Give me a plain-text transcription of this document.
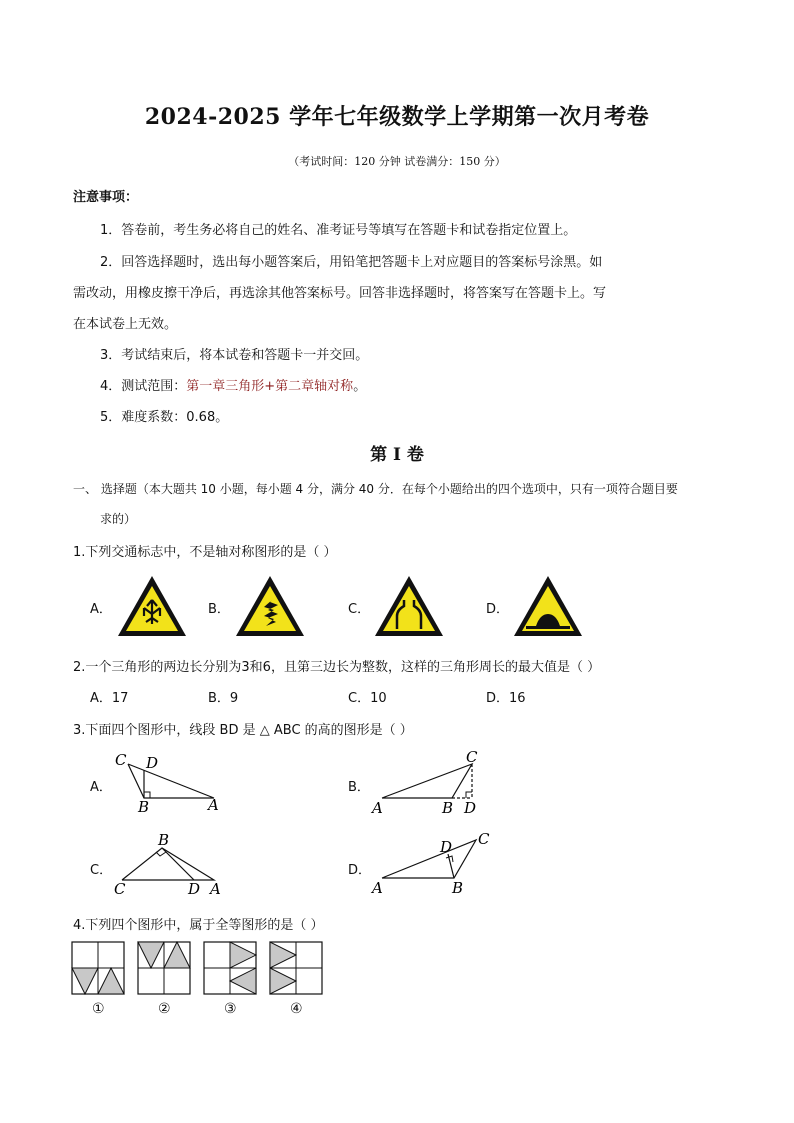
2024-2025 学年七年级数学上学期第一次月考卷
（考试时间：120 分钟 试卷满分：150 分）
注意事项：
1．答卷前，考生务必将自己的姓名、准考证号等填写在答题卡和试卷指定位置上。
2．回答选择题时，选出每小题答案后，用铅笔把答题卡上对应题目的答案标号涂黑。如
需改动，用橡皮擦干净后，再选涂其他答案标号。回答非选择题时，将答案写在答题卡上。写
在本试卷上无效。
3．考试结束后，将本试卷和答题卡一并交回。
4．测试范围：第一章三角形+第二章轴对称。
5．难度系数：0.68。
第 Ⅰ 卷
一、 选择题（本大题共 10 小题，每小题 4 分，满分 40 分．在每个小题给出的四个选项中，只有一项符合题目要
求的）
1.下列交通标志中，不是轴对称图形的是（ ）
A．	B．	C．	D．
2.一个三角形的两边长分别为3和6，且第三边长为整数，这样的三角形周长的最大值是（ ）
A．17	B．9	C．10	D．16
3.下面四个图形中，线段 BD 是 △ ABC 的高的图形是（ ）
A．	B．
C．	D．
C D
B	A
C
A	B D
B
C	D A
D C
A	B
4.下列四个图形中，属于全等图形的是（ ）
①	②	③	④
